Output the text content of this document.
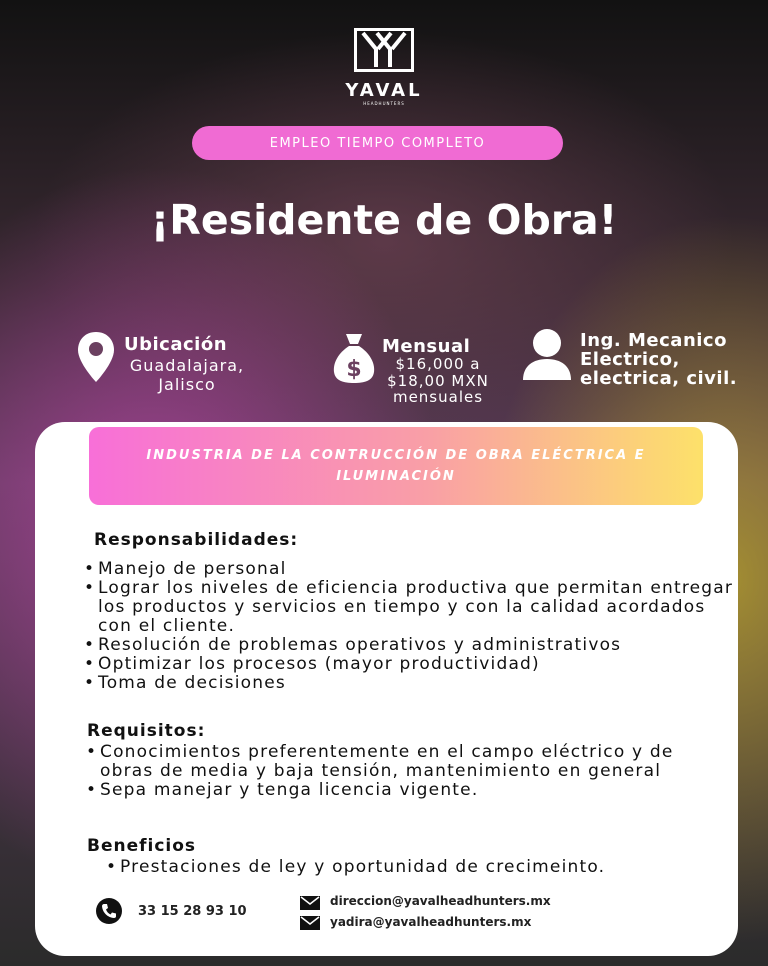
YAVAL
HEADHUNTERS
EMPLEO TIEMPO COMPLETO
¡Residente de Obra!
Ubicación
Guadalajara,
Jalisco
$
Mensual
$16,000 a
$18,00 MXN
mensuales
Ing. Mecanico
Electrico,
electrica, civil.
INDUSTRIA DE LA CONTRUCCIÓN DE OBRA ELÉCTRICA E ILUMINACIÓN
Responsabilidades:
• Manejo de personal
• Lograr los niveles de eficiencia productiva que permitan entregar los productos y servicios en tiempo y con la calidad acordados con el cliente.
• Resolución de problemas operativos y administrativos
• Optimizar los procesos (mayor productividad)
• Toma de decisiones
Requisitos:
• Conocimientos preferentemente en el campo eléctrico y de obras de media y baja tensión, mantenimiento en general
• Sepa manejar y tenga licencia vigente.
Beneficios
• Prestaciones de ley y oportunidad de crecimeinto.
33 15 28 93 10
direccion@yavalheadhunters.mx
yadira@yavalheadhunters.mx
